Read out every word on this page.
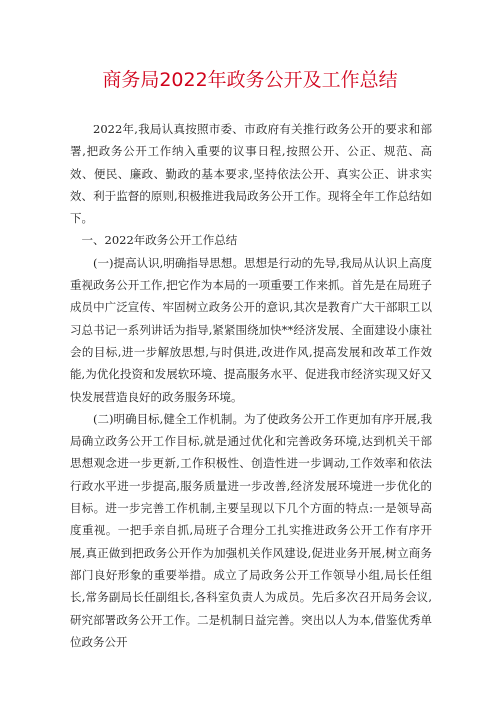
商务局2022年政务公开及工作总结

2022年,我局认真按照市委、市政府有关推行政务公开的要求和部署,把政务公开工作纳入重要的议事日程,按照公开、公正、规范、高效、便民、廉政、勤政的基本要求,坚持依法公开、真实公正、讲求实效、利于监督的原则,积极推进我局政务公开工作。现将全年工作总结如下。

一、2022年政务公开工作总结

(一)提高认识,明确指导思想。思想是行动的先导,我局从认识上高度重视政务公开工作,把它作为本局的一项重要工作来抓。首先是在局班子成员中广泛宣传、牢固树立政务公开的意识,其次是教育广大干部职工以习总书记一系列讲话为指导,紧紧围绕加快**经济发展、全面建设小康社会的目标,进一步解放思想,与时俱进,改进作风,提高发展和改革工作效能,为优化投资和发展软环境、提高服务水平、促进我市经济实现又好又快发展营造良好的政务服务环境。

(二)明确目标,健全工作机制。为了使政务公开工作更加有序开展,我局确立政务公开工作目标,就是通过优化和完善政务环境,达到机关干部思想观念进一步更新,工作积极性、创造性进一步调动,工作效率和依法行政水平进一步提高,服务质量进一步改善,经济发展环境进一步优化的目标。进一步完善工作机制,主要呈现以下几个方面的特点:一是领导高度重视。一把手亲自抓,局班子合理分工扎实推进政务公开工作有序开展,真正做到把政务公开作为加强机关作风建设,促进业务开展,树立商务部门良好形象的重要举措。成立了局政务公开工作领导小组,局长任组长,常务副局长任副组长,各科室负责人为成员。先后多次召开局务会议,研究部署政务公开工作。二是机制日益完善。突出以人为本,借鉴优秀单位政务公开
